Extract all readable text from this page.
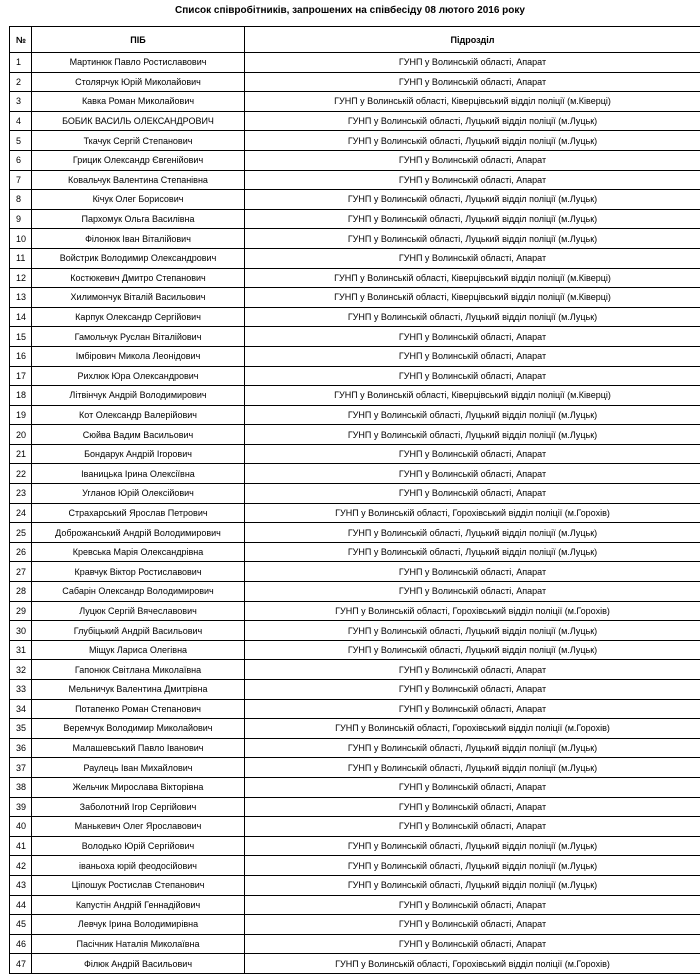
Список співробітників, запрошених на співбесіду 08 лютого 2016 року
№	ПІБ	Підрозділ
1	Мартинюк Павло Ростиславович	ГУНП у Волинській області, Апарат
2	Столярчук Юрій Миколайович	ГУНП у Волинській області, Апарат
3	Кавка Роман Миколайович	ГУНП у Волинській області, Ківерцівський відділ поліції (м.Ківерці)
4	БОБИК ВАСИЛЬ ОЛЕКСАНДРОВИЧ	ГУНП у Волинській області, Луцький відділ поліції (м.Луцьк)
5	Ткачук Сергій Степанович	ГУНП у Волинській області, Луцький відділ поліції (м.Луцьк)
6	Грицик Олександр Євгенійович	ГУНП у Волинській області, Апарат
7	Ковальчук Валентина Степанівна	ГУНП у Волинській області, Апарат
8	Кічук Олег Борисович	ГУНП у Волинській області, Луцький відділ поліції (м.Луцьк)
9	Пархомук Ольга Василівна	ГУНП у Волинській області, Луцький відділ поліції (м.Луцьк)
10	Філонюк Іван Віталійович	ГУНП у Волинській області, Луцький відділ поліції (м.Луцьк)
11	Войстрик Володимир Олександрович	ГУНП у Волинській області, Апарат
12	Костюкевич Дмитро Степанович	ГУНП у Волинській області, Ківерцівський відділ поліції (м.Ківерці)
13	Хилимончук Віталій Васильович	ГУНП у Волинській області, Ківерцівський відділ поліції (м.Ківерці)
14	Карпук Олександр Сергійович	ГУНП у Волинській області, Луцький відділ поліції (м.Луцьк)
15	Гамольчук Руслан Віталійович	ГУНП у Волинській області, Апарат
16	Імбірович Микола Леонідович	ГУНП у Волинській області, Апарат
17	Рихлюк Юра Олександрович	ГУНП у Волинській області, Апарат
18	Літвінчук Андрій Володимирович	ГУНП у Волинській області, Ківерцівський відділ поліції (м.Ківерці)
19	Кот Олександр Валерійович	ГУНП у Волинській області, Луцький відділ поліції (м.Луцьк)
20	Сюйва Вадим Васильович	ГУНП у Волинській області, Луцький відділ поліції (м.Луцьк)
21	Бондарук Андрій Ігорович	ГУНП у Волинській області, Апарат
22	Іваницька Ірина Олексіївна	ГУНП у Волинській області, Апарат
23	Угланов Юрій Олексійович	ГУНП у Волинській області, Апарат
24	Страхарський Ярослав Петрович	ГУНП у Волинській області, Горохівський відділ поліції (м.Горохів)
25	Доброжанський Андрій Володимирович	ГУНП у Волинській області, Луцький відділ поліції (м.Луцьк)
26	Кревська Марія Олександрівна	ГУНП у Волинській області, Луцький відділ поліції (м.Луцьк)
27	Кравчук Віктор Ростиславович	ГУНП у Волинській області, Апарат
28	Сабарін Олександр Володимирович	ГУНП у Волинській області, Апарат
29	Луцюк Сергій Вячеславович	ГУНП у Волинській області, Горохівський відділ поліції (м.Горохів)
30	Глубіцький Андрій Васильович	ГУНП у Волинській області, Луцький відділ поліції (м.Луцьк)
31	Міщук Лариса Олегівна	ГУНП у Волинській області, Луцький відділ поліції (м.Луцьк)
32	Гапонюк Світлана Миколаївна	ГУНП у Волинській області, Апарат
33	Мельничук Валентина Дмитрівна	ГУНП у Волинській області, Апарат
34	Потапенко Роман Степанович	ГУНП у Волинській області, Апарат
35	Веремчук Володимир Миколайович	ГУНП у Волинській області, Горохівський відділ поліції (м.Горохів)
36	Малашевський Павло Іванович	ГУНП у Волинській області, Луцький відділ поліції (м.Луцьк)
37	Раулець Іван Михайлович	ГУНП у Волинській області, Луцький відділ поліції (м.Луцьк)
38	Жельчик Мирослава Вікторівна	ГУНП у Волинській області, Апарат
39	Заболотний Ігор Сергійович	ГУНП у Волинській області, Апарат
40	Манькевич Олег Ярославович	ГУНП у Волинській області, Апарат
41	Володько Юрій Сергійович	ГУНП у Волинській області, Луцький відділ поліції (м.Луцьк)
42	іваньоха юрій феодосійович	ГУНП у Волинській області, Луцький відділ поліції (м.Луцьк)
43	Ціпошук Ростислав Степанович	ГУНП у Волинській області, Луцький відділ поліції (м.Луцьк)
44	Капустін Андрій Геннадійович	ГУНП у Волинській області, Апарат
45	Левчук Ірина Володимирівна	ГУНП у Волинській області, Апарат
46	Пасічник Наталія Миколаївна	ГУНП у Волинській області, Апарат
47	Філюк Андрій Васильович	ГУНП у Волинській області, Горохівський відділ поліції (м.Горохів)
